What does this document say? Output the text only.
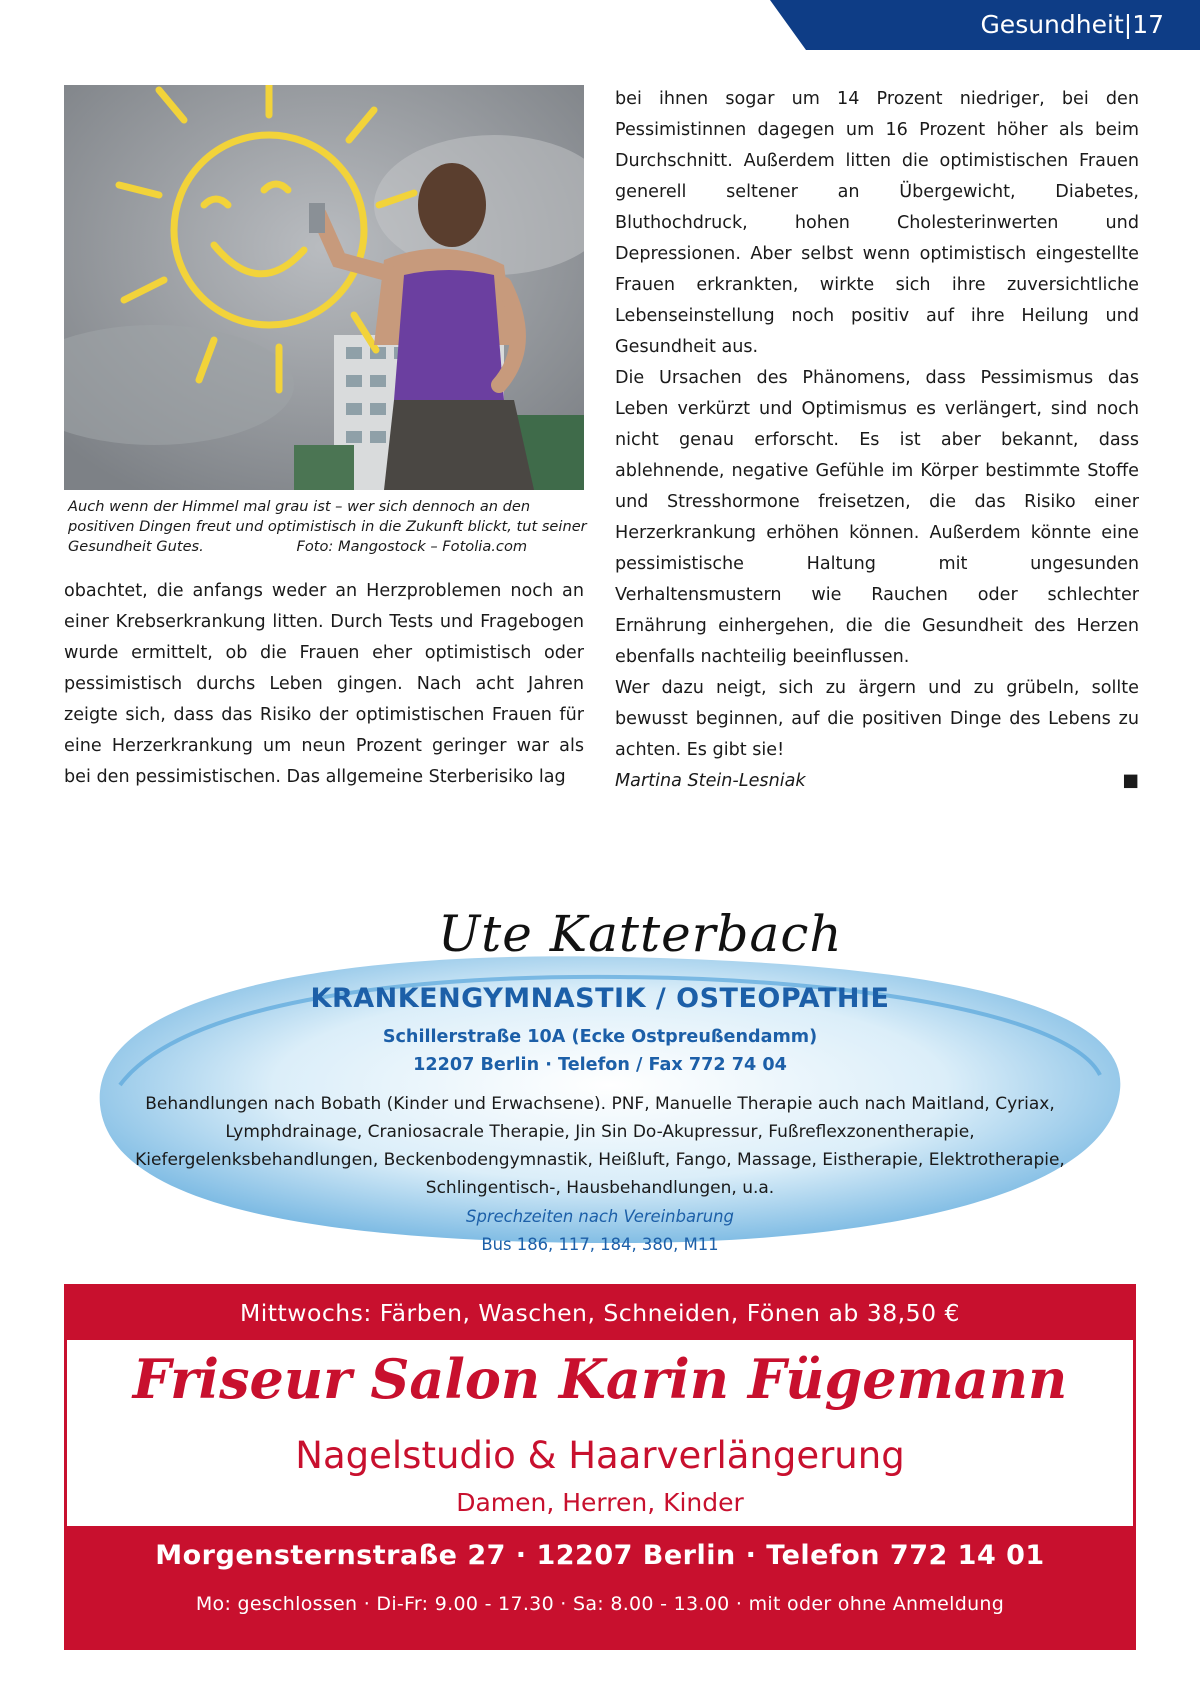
Gesundheit|17
Auch wenn der Himmel mal grau ist – wer sich dennoch an den positiven Dingen freut und optimistisch in die Zukunft blickt, tut seiner Gesundheit Gutes.	Foto: Mangostock – Fotolia.com

obachtet, die anfangs weder an Herzproblemen noch an einer Krebserkrankung litten. Durch Tests und Fragebogen wurde ermittelt, ob die Frauen eher optimistisch oder pessimistisch durchs Leben gingen. Nach acht Jahren zeigte sich, dass das Risiko der optimistischen Frauen für eine Herzerkrankung um neun Prozent geringer war als bei den pessimistischen. Das allgemeine Sterberisiko lag

bei ihnen sogar um 14 Prozent niedriger, bei den Pessimistinnen dagegen um 16 Prozent höher als beim Durchschnitt. Außerdem litten die optimistischen Frauen generell seltener an Übergewicht, Diabetes, Bluthochdruck, hohen Cholesterinwerten und Depressionen. Aber selbst wenn optimistisch eingestellte Frauen erkrankten, wirkte sich ihre zuversichtliche Lebenseinstellung noch positiv auf ihre Heilung und Gesundheit aus.

Die Ursachen des Phänomens, dass Pessimismus das Leben verkürzt und Optimismus es verlängert, sind noch nicht genau erforscht. Es ist aber bekannt, dass ablehnende, negative Gefühle im Körper bestimmte Stoffe und Stresshormone freisetzen, die das Risiko einer Herzerkrankung erhöhen können. Außerdem könnte eine pessimistische Haltung mit ungesunden Verhaltensmustern wie Rauchen oder schlechter Ernährung einhergehen, die die Gesundheit des Herzen ebenfalls nachteilig beeinflussen.

Wer dazu neigt, sich zu ärgern und zu grübeln, sollte bewusst beginnen, auf die positiven Dinge des Lebens zu achten. Es gibt sie!

Martina Stein-Lesniak	■
Ute Katterbach
KRANKENGYMNASTIK / OSTEOPATHIE
Schillerstraße 10A (Ecke Ostpreußendamm)
12207 Berlin · Telefon / Fax 772 74 04
Behandlungen nach Bobath (Kinder und Erwachsene). PNF, Manuelle Therapie auch nach Maitland, Cyriax, Lymphdrainage, Craniosacrale Therapie, Jin Sin Do-Akupressur, Fußreflexzonentherapie, Kiefergelenksbehandlungen, Beckenbodengymnastik, Heißluft, Fango, Massage, Eistherapie, Elektrotherapie, Schlingentisch-, Hausbehandlungen, u.a.
Sprechzeiten nach Vereinbarung
Bus 186, 117, 184, 380, M11
Mittwochs: Färben, Waschen, Schneiden, Fönen ab 38,50 €
Friseur Salon Karin Fügemann
Nagelstudio & Haarverlängerung
Damen, Herren, Kinder
Morgensternstraße 27 · 12207 Berlin · Telefon 772 14 01
Mo: geschlossen · Di-Fr: 9.00 - 17.30 · Sa: 8.00 - 13.00 · mit oder ohne Anmeldung
